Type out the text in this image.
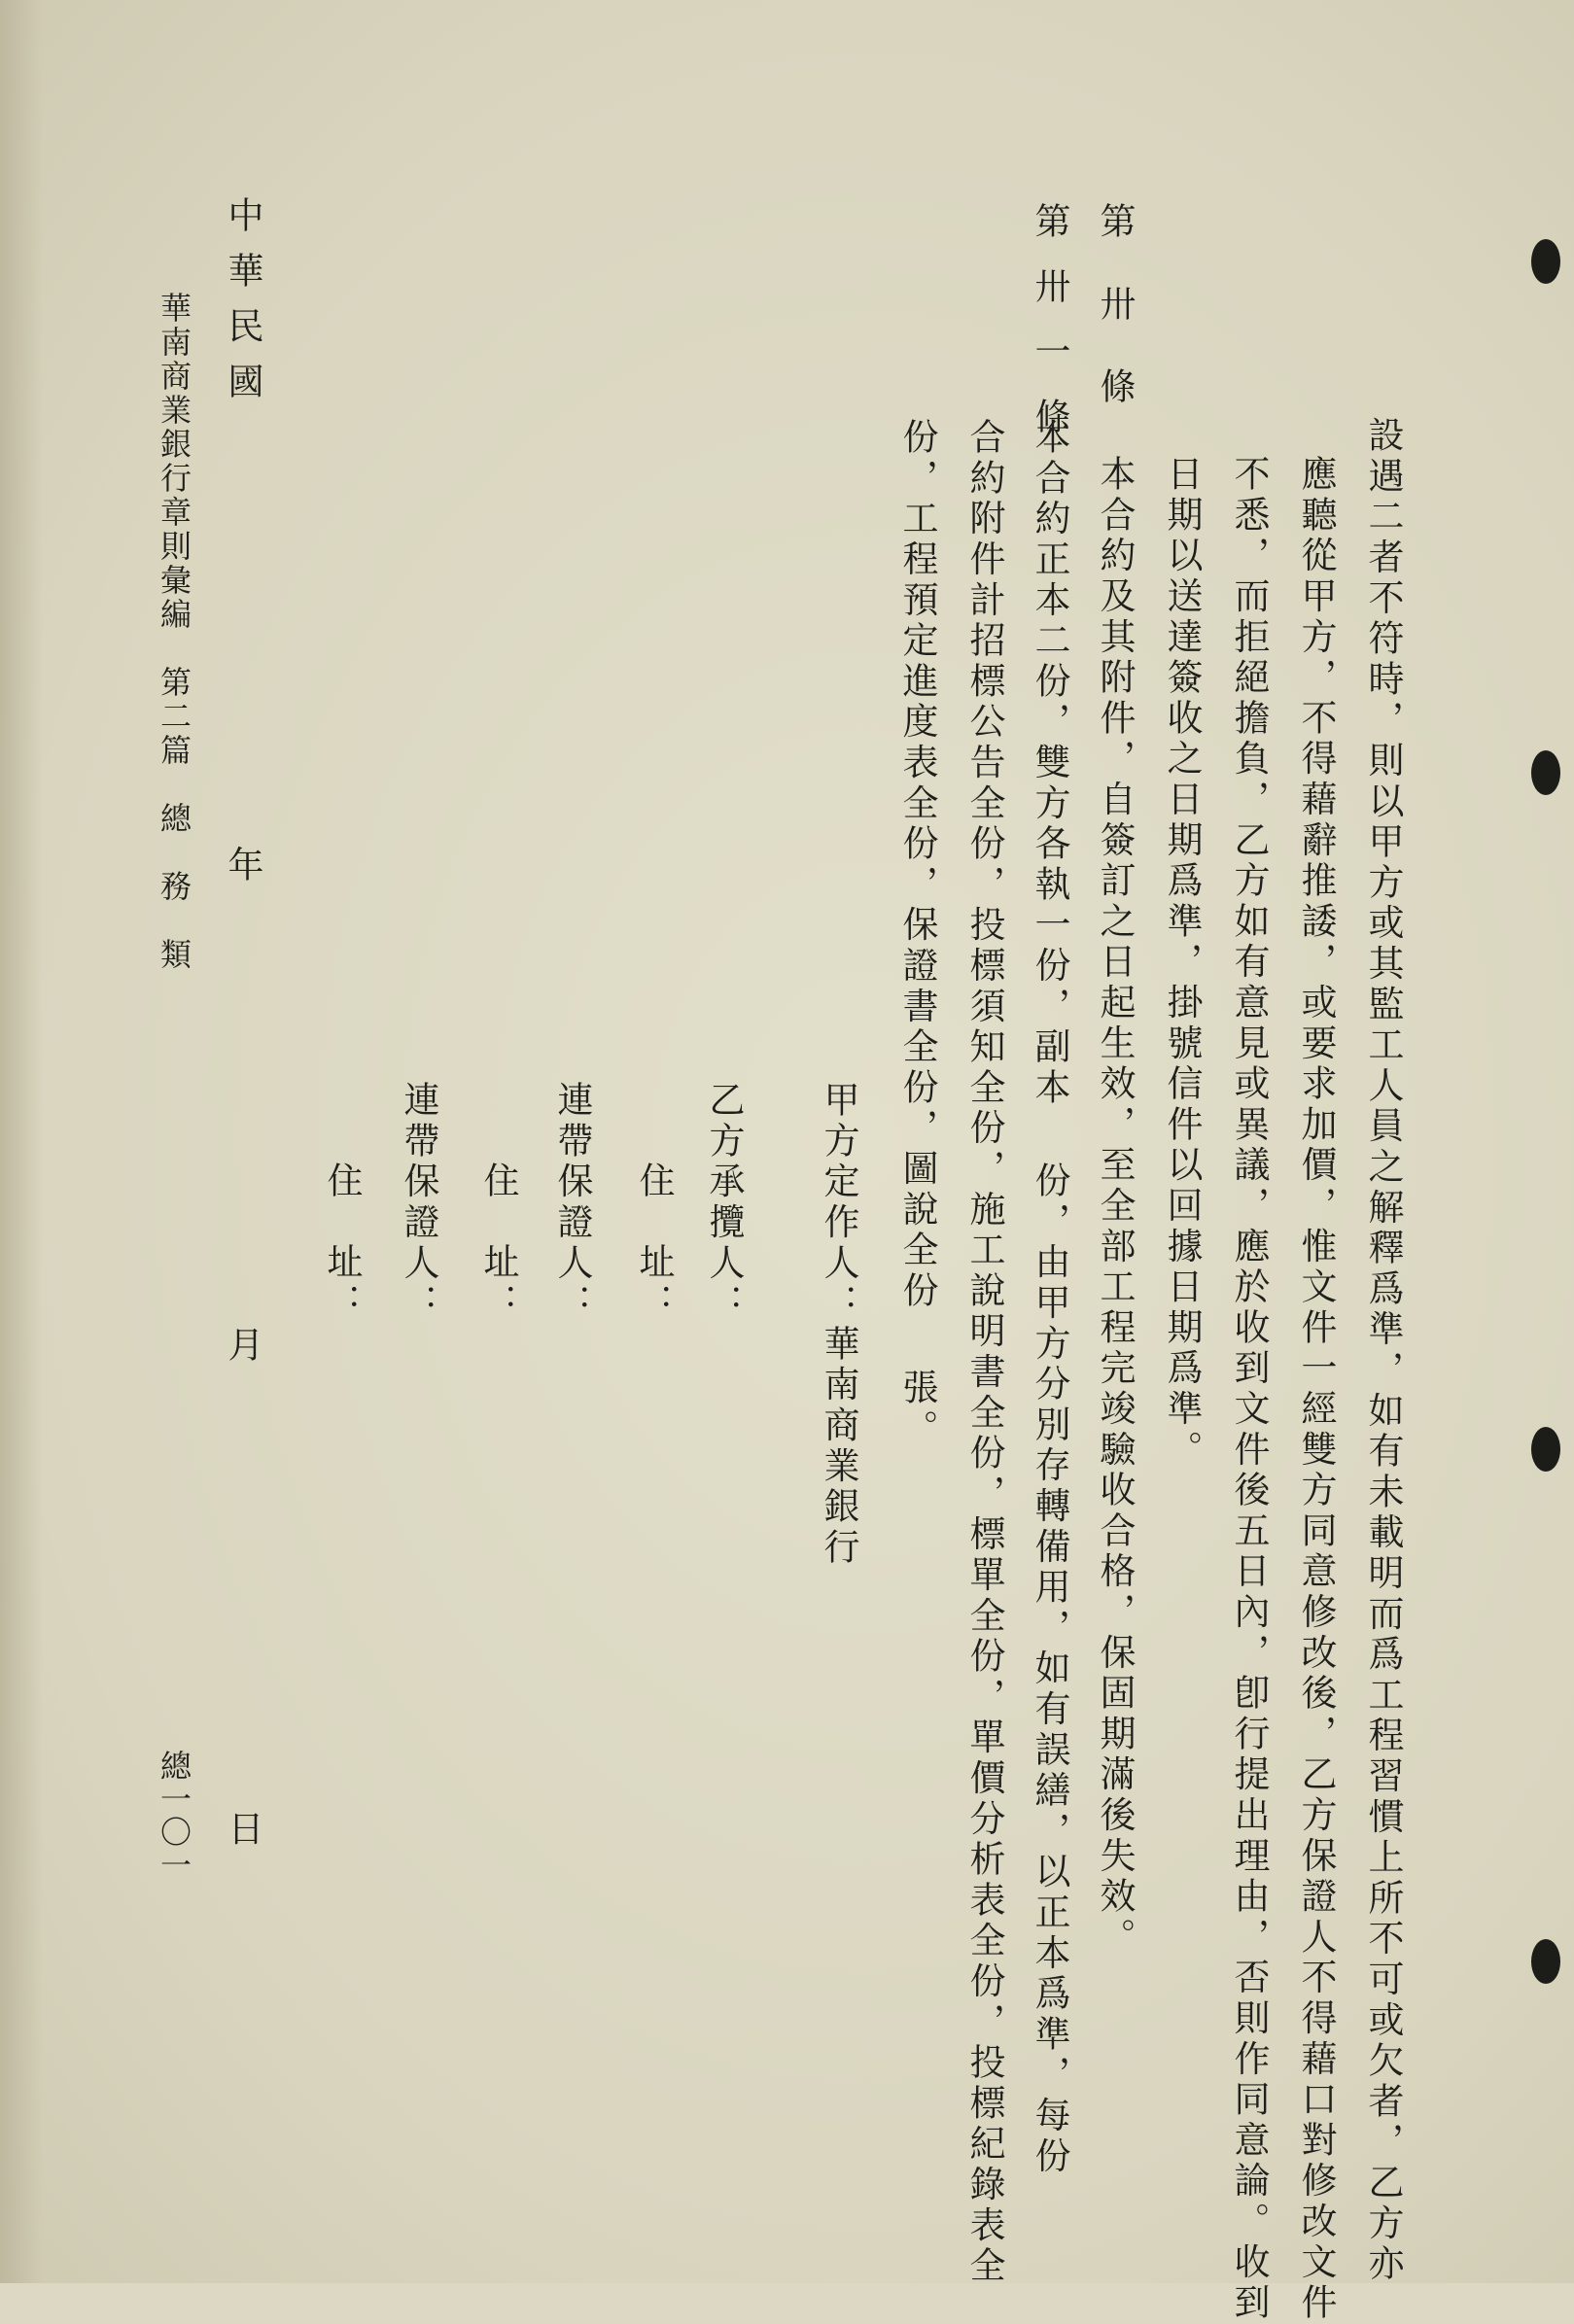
設遇二者不符時，則以甲方或其監工人員之解釋爲準，如有未載明而爲工程習慣上所不可或欠者，乙方亦
應聽從甲方，不得藉辭推諉，或要求加價，惟文件一經雙方同意修改後，乙方保證人不得藉口對修改文件
不悉，而拒絕擔負，乙方如有意見或異議，應於收到文件後五日內，卽行提出理由，否則作同意論。收到
日期以送達簽收之日期爲準，掛號信件以回據日期爲準。
第卅條
本合約及其附件，自簽訂之日起生效，至全部工程完竣驗收合格，保固期滿後失效。
第卅一條
本合約正本二份，雙方各執一份，副本
份，由甲方分別存轉備用，如有誤繕，以正本爲準，每份
合約附件計招標公告全份，投標須知全份，施工說明書全份，標單全份，單價分析表全份，投標紀錄表全
份，工程預定進度表全份，保證書全份，圖說全份
張。
甲方定作人：華南商業銀行
乙方承攬人：
住　址：
連帶保證人：
住　址：
連帶保證人：
住　址：
中華民國
年
月
日
華南商業銀行章則彙編　第二篇　總　務　類
總一〇一
